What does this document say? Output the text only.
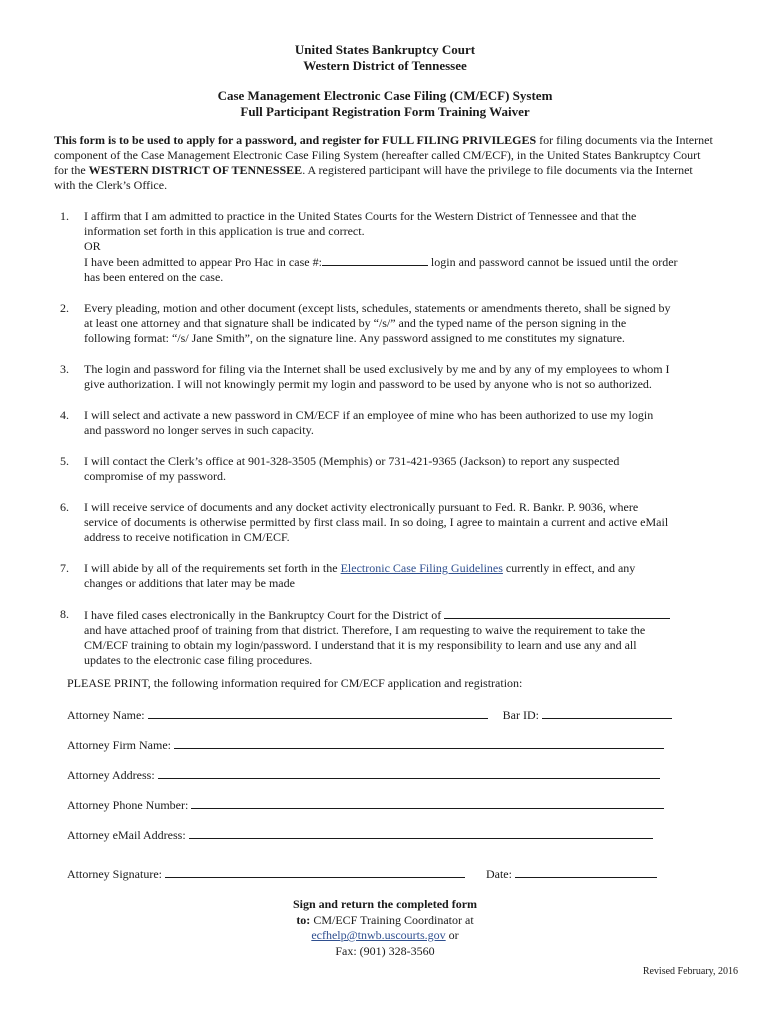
United States Bankruptcy Court
Western District of Tennessee
Case Management Electronic Case Filing (CM/ECF) System
Full Participant Registration Form Training Waiver
This form is to be used to apply for a password, and register for FULL FILING PRIVILEGES for filing documents via the Internet component of the Case Management Electronic Case Filing System (hereafter called CM/ECF), in the United States Bankruptcy Court for the WESTERN DISTRICT OF TENNESSEE. A registered participant will have the privilege to file documents via the Internet with the Clerk’s Office.
1. I affirm that I am admitted to practice in the United States Courts for the Western District of Tennessee and that the
information set forth in this application is true and correct.
OR
I have been admitted to appear Pro Hac in case #:	login and password cannot be issued until the order
has been entered on the case.
2. Every pleading, motion and other document (except lists, schedules, statements or amendments thereto, shall be signed by
at least one attorney and that signature shall be indicated by “/s/” and the typed name of the person signing in the
following format: “/s/ Jane Smith”, on the signature line. Any password assigned to me constitutes my signature.
3. The login and password for filing via the Internet shall be used exclusively by me and by any of my employees to whom I
give authorization. I will not knowingly permit my login and password to be used by anyone who is not so authorized.
4. I will select and activate a new password in CM/ECF if an employee of mine who has been authorized to use my login
and password no longer serves in such capacity.
5. I will contact the Clerk’s office at 901-328-3505 (Memphis) or 731-421-9365 (Jackson) to report any suspected
compromise of my password.
6. I will receive service of documents and any docket activity electronically pursuant to Fed. R. Bankr. P. 9036, where
service of documents is otherwise permitted by first class mail. In so doing, I agree to maintain a current and active eMail
address to receive notification in CM/ECF.
7. I will abide by all of the requirements set forth in the Electronic Case Filing Guidelines currently in effect, and any
changes or additions that later may be made
8. I have filed cases electronically in the Bankruptcy Court for the District of
and have attached proof of training from that district. Therefore, I am requesting to waive the requirement to take the
CM/ECF training to obtain my login/password. I understand that it is my responsibility to learn and use any and all
updates to the electronic case filing procedures.
PLEASE PRINT, the following information required for CM/ECF application and registration:
Attorney Name:	Bar ID:
Attorney Firm Name:
Attorney Address:
Attorney Phone Number:
Attorney eMail Address:
Attorney Signature:	Date:
Sign and return the completed form
to: CM/ECF Training Coordinator at
ecfhelp@tnwb.uscourts.gov or
Fax: (901) 328-3560
Revised February, 2016
